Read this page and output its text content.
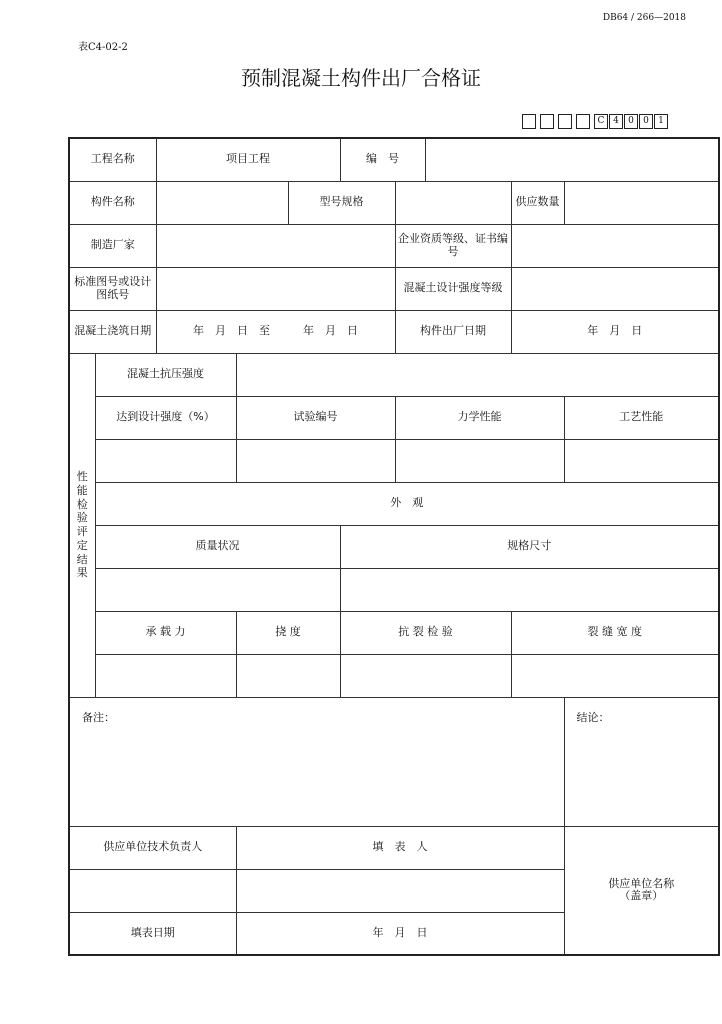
DB64 / 266—2018
表C4-02-2
预制混凝土构件出厂合格证
C 4	0	0	1
工程名称		项目工程			编　号				
构件名称				型号规格				供应数量	
制造厂家						企业资质等级、证书编号			
标准图号或设计图纸号						混凝土设计强度等级			
混凝土浇筑日期		年　月　日　至　　　年　月　日				构件出厂日期		年　月　日	
性能检验评定结果	混凝土抗压强度								
	达到设计强度（%）		试验编号			力学性能			工艺性能

	外　观								
	质量状况				规格尺寸				

	承 载 力		挠 度		抗 裂 检 验			裂 缝 宽 度	

备注：									结论：
供应单位技术负责人			填　表　人						供应单位名称（盖章）

填表日期			年　月　日						
